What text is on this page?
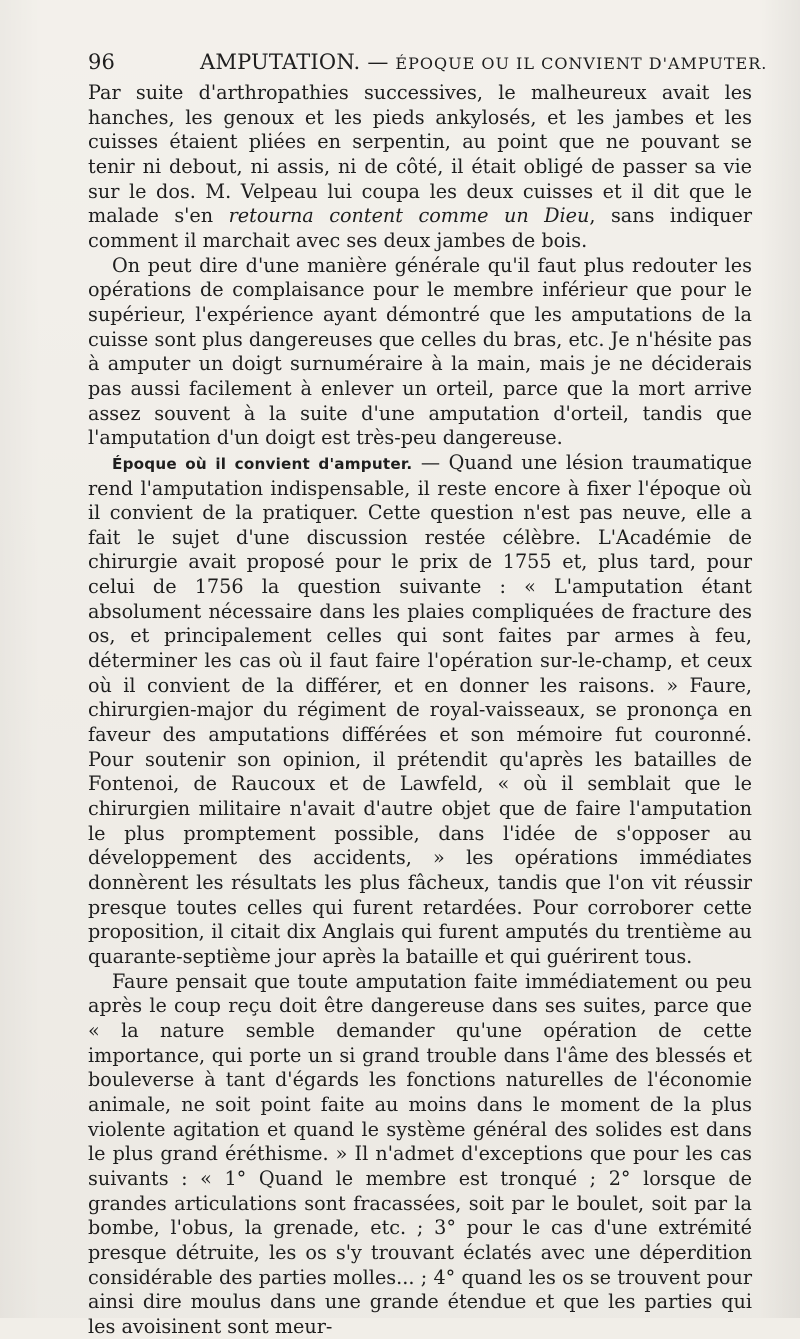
96	AMPUTATION. — ÉPOQUE OU IL CONVIENT D'AMPUTER.

Par suite d'arthropathies successives, le malheureux avait les hanches, les genoux et les pieds ankylosés, et les jambes et les cuisses étaient pliées en serpentin, au point que ne pouvant se tenir ni debout, ni assis, ni de côté, il était obligé de passer sa vie sur le dos. M. Velpeau lui coupa les deux cuisses et il dit que le malade s'en retourna content comme un Dieu, sans indiquer comment il marchait avec ses deux jambes de bois.

On peut dire d'une manière générale qu'il faut plus redouter les opérations de complaisance pour le membre inférieur que pour le supérieur, l'expérience ayant démontré que les amputations de la cuisse sont plus dangereuses que celles du bras, etc. Je n'hésite pas à amputer un doigt surnuméraire à la main, mais je ne déciderais pas aussi facilement à enlever un orteil, parce que la mort arrive assez souvent à la suite d'une amputation d'orteil, tandis que l'amputation d'un doigt est très-peu dangereuse.

Époque où il convient d'amputer. — Quand une lésion traumatique rend l'amputation indispensable, il reste encore à fixer l'époque où il convient de la pratiquer. Cette question n'est pas neuve, elle a fait le sujet d'une discussion restée célèbre. L'Académie de chirurgie avait proposé pour le prix de 1755 et, plus tard, pour celui de 1756 la question suivante : « L'amputation étant absolument nécessaire dans les plaies compliquées de fracture des os, et principalement celles qui sont faites par armes à feu, déterminer les cas où il faut faire l'opération sur-le-champ, et ceux où il convient de la différer, et en donner les raisons. » Faure, chirurgien-major du régiment de royal-vaisseaux, se prononça en faveur des amputations différées et son mémoire fut couronné. Pour soutenir son opinion, il prétendit qu'après les batailles de Fontenoi, de Raucoux et de Lawfeld, « où il semblait que le chirurgien militaire n'avait d'autre objet que de faire l'amputation le plus promptement possible, dans l'idée de s'opposer au développement des accidents, » les opérations immédiates donnèrent les résultats les plus fâcheux, tandis que l'on vit réussir presque toutes celles qui furent retardées. Pour corroborer cette proposition, il citait dix Anglais qui furent amputés du trentième au quarante-septième jour après la bataille et qui guérirent tous.

Faure pensait que toute amputation faite immédiatement ou peu après le coup reçu doit être dangereuse dans ses suites, parce que « la nature semble demander qu'une opération de cette importance, qui porte un si grand trouble dans l'âme des blessés et bouleverse à tant d'égards les fonctions naturelles de l'économie animale, ne soit point faite au moins dans le moment de la plus violente agitation et quand le système général des solides est dans le plus grand éréthisme. » Il n'admet d'exceptions que pour les cas suivants : « 1° Quand le membre est tronqué ; 2° lorsque de grandes articulations sont fracassées, soit par le boulet, soit par la bombe, l'obus, la grenade, etc. ; 3° pour le cas d'une extrémité presque détruite, les os s'y trouvant éclatés avec une déperdition considérable des parties molles... ; 4° quand les os se trouvent pour ainsi dire moulus dans une grande étendue et que les parties qui les avoisinent sont meur-
